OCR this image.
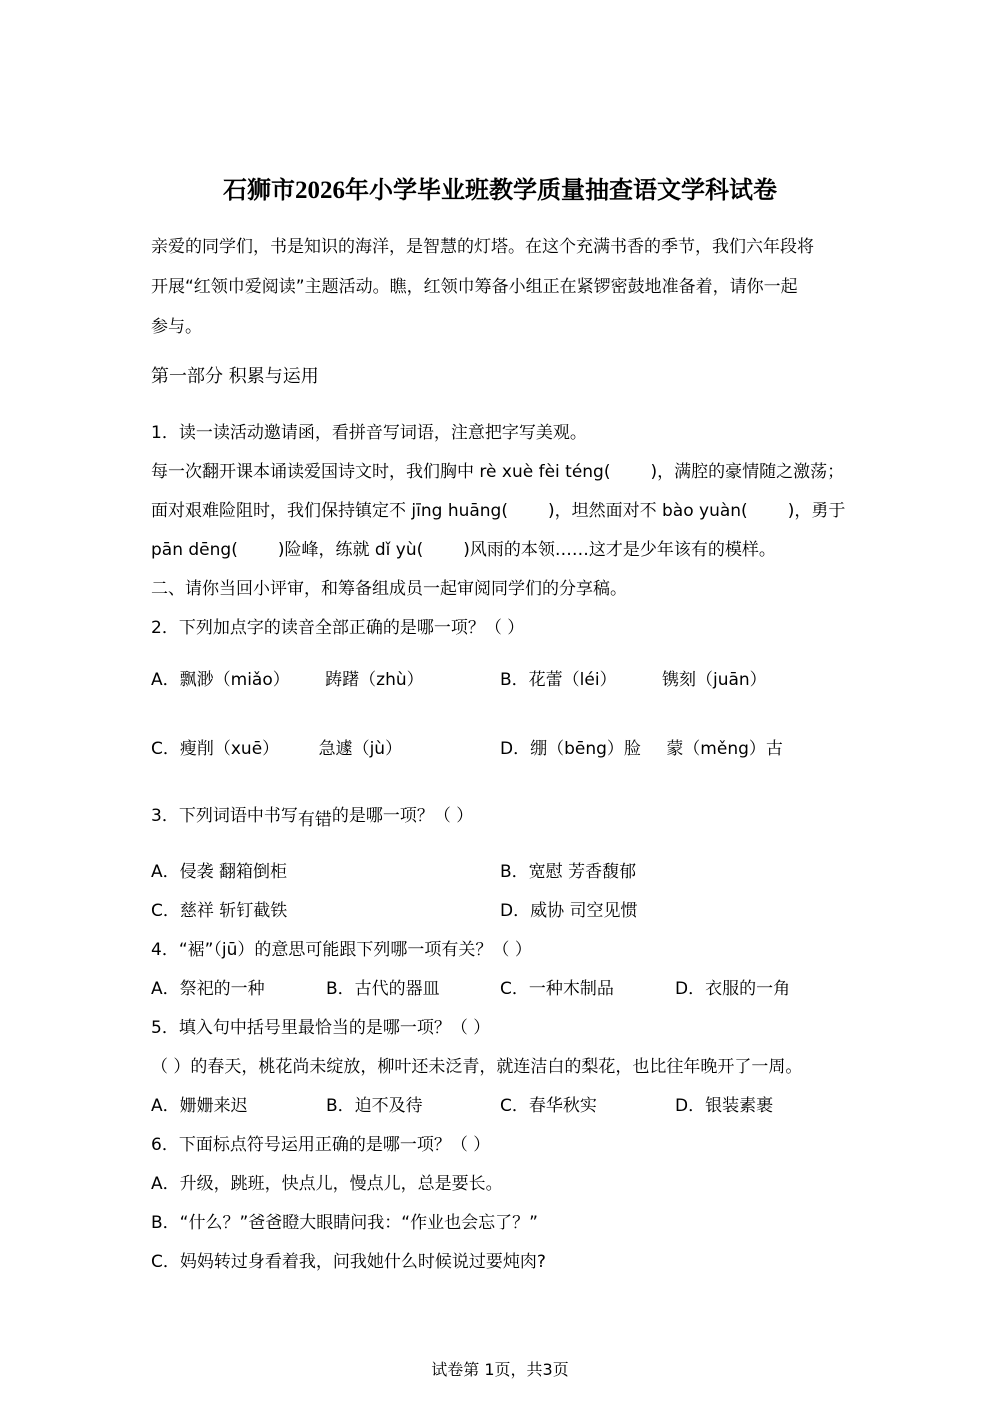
石狮市2026年小学毕业班教学质量抽查语文学科试卷
亲爱的同学们，书是知识的海洋，是智慧的灯塔。在这个充满书香的季节，我们六年段将
开展“红领巾爱阅读”主题活动。瞧，红领巾筹备小组正在紧锣密鼓地准备着，请你一起
参与。
第一部分 积累与运用
1．读一读活动邀请函，看拼音写词语，注意把字写美观。
每一次翻开课本诵读爱国诗文时，我们胸中 rè xuè fèi téng( )，满腔的豪情随之激荡；
面对艰难险阻时，我们保持镇定不 jīng huāng( )，坦然面对不 bào yuàn( )，勇于
pān dēng( )险峰，练就 dǐ yù( )风雨的本领……这才是少年该有的模样。
二、请你当回小评审，和筹备组成员一起审阅同学们的分享稿。
2．下列加点字的读音全部正确的是哪一项？（ ）
A．飘渺（miǎo） 踌躇（zhù）	B．花蕾（léi）	镌刻（juān）
C．瘦削（xuē） 急遽（jù）	D．绷（bēng）脸 蒙（měng）古
3．下列词语中书写有错的是哪一项？（ ）
A．侵袭 翻箱倒柜	B．宽慰 芳香馥郁
C．慈祥 斩钉截铁	D．威协 司空见惯
4．“裾”（jū）的意思可能跟下列哪一项有关？（ ）
A．祭祀的一种	B．古代的器皿	C．一种木制品	D．衣服的一角
5．填入句中括号里最恰当的是哪一项？（ ）
（ ）的春天，桃花尚未绽放，柳叶还未泛青，就连洁白的梨花，也比往年晚开了一周。
A．姗姗来迟	B．迫不及待	C．春华秋实	D．银装素裹
6．下面标点符号运用正确的是哪一项？（ ）
A．升级，跳班，快点儿，慢点儿，总是要长。
B．“什么？”爸爸瞪大眼睛问我：“作业也会忘了？”
C．妈妈转过身看着我，问我她什么时候说过要炖肉?
试卷第 1页，共3页
